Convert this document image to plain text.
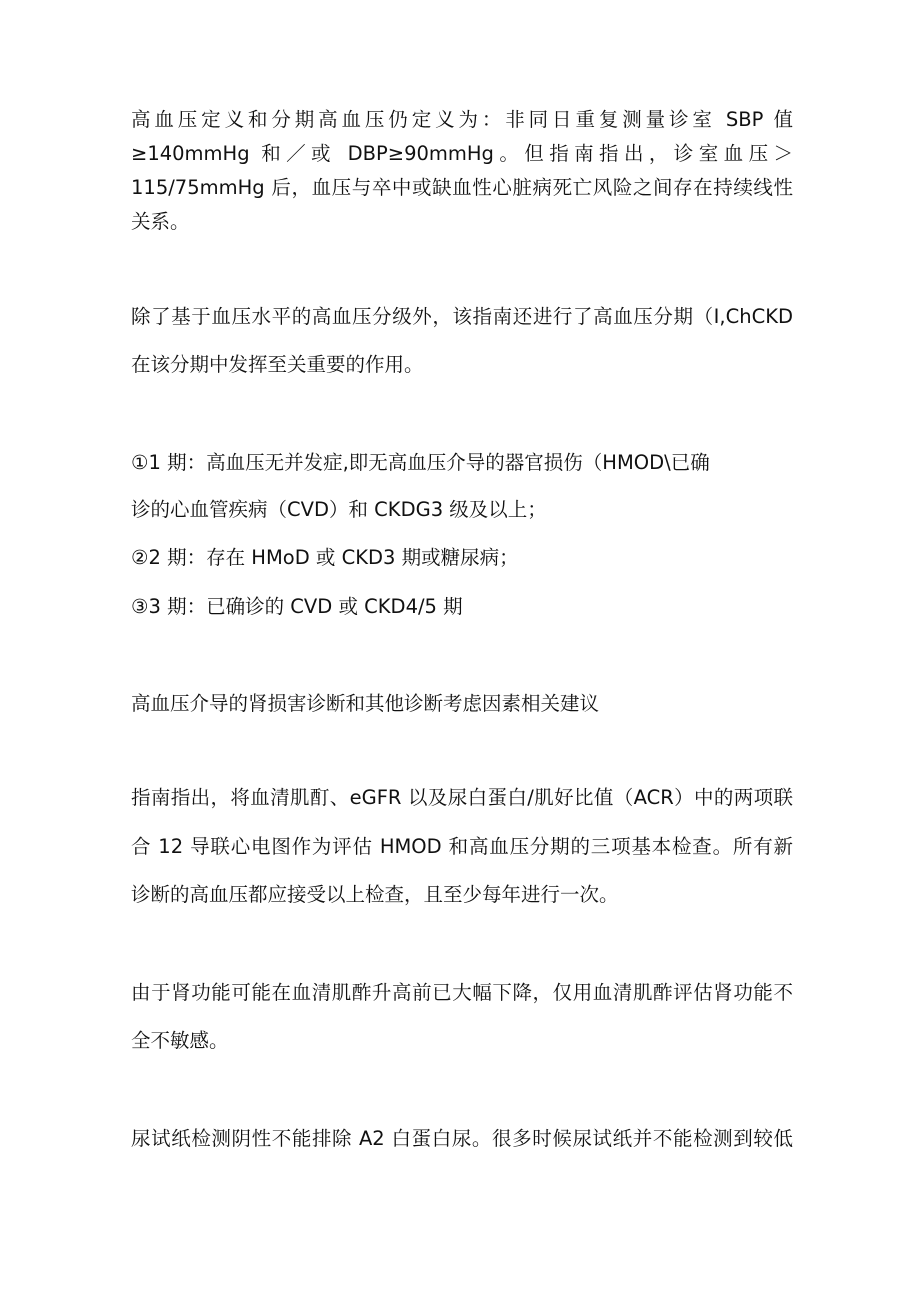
高血压定义和分期高血压仍定义为：非同日重复测量诊室 SBP 值
≥140mmHg 和／或 DBP≥90mmHg。但指南指出，诊室血压＞
115/75mmHg 后，血压与卒中或缺血性心脏病死亡风险之间存在持续线性
关系。
除了基于血压水平的高血压分级外，该指南还进行了高血压分期（I,ChCKD
在该分期中发挥至关重要的作用。
①1 期：高血压无并发症,即无高血压介导的器官损伤（HMOD\已确
诊的心血管疾病（CVD）和 CKDG3 级及以上；
②2 期：存在 HMoD 或 CKD3 期或糖尿病；
③3 期：已确诊的 CVD 或 CKD4/5 期
高血压介导的肾损害诊断和其他诊断考虑因素相关建议
指南指出，将血清肌酊、eGFR 以及尿白蛋白/肌好比值（ACR）中的两项联
合 12 导联心电图作为评估 HMOD 和高血压分期的三项基本检查。所有新
诊断的高血压都应接受以上检查，且至少每年进行一次。
由于肾功能可能在血清肌酢升高前已大幅下降，仅用血清肌酢评估肾功能不
全不敏感。
尿试纸检测阴性不能排除 A2 白蛋白尿。很多时候尿试纸并不能检测到较低
